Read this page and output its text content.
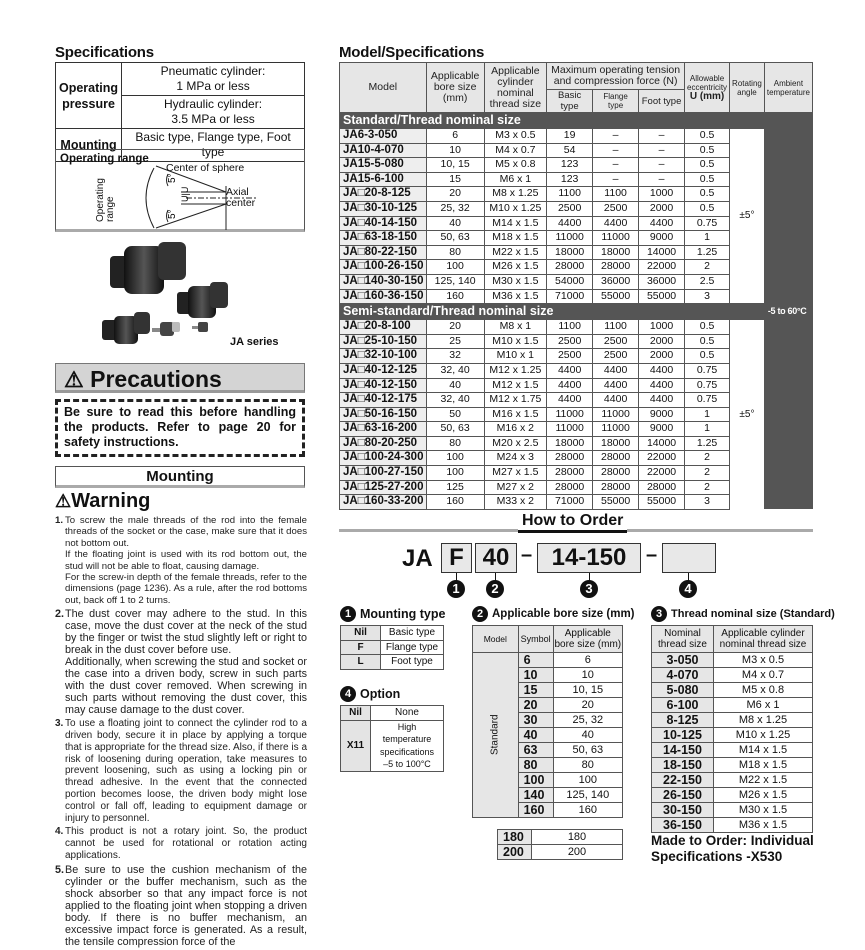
Specifications
Operating pressure	Pneumatic cylinder:
1 MPa or less
	Hydraulic cylinder:
3.5 MPa or less
Mounting	Basic type, Flange type, Foot type
Operating range
5°
5°
U|U
Center of sphere
Axial
center
Operating
range
JA series
⚠ Precautions
Be sure to read this before handling the products. Refer to page 20 for safety instructions.
Mounting
⚠Warning
1. To screw the male threads of the rod into the female threads of the socket or the case, make sure that it does not bottom out.

If the floating joint is used with its rod bottom out, the stud will not be able to float, causing damage.

For the screw-in depth of the female threads, refer to the dimensions (page 1236). As a rule, after the rod bottoms out, back off 1 to 2 turns.

2. The dust cover may adhere to the stud. In this case, move the dust cover at the neck of the stud by the finger or twist the stud slightly left or right to break in the dust cover before use.

Additionally, when screwing the stud and socket or the case into a driven body, screw in such parts with the dust cover removed. When screwing in such parts without removing the dust cover, this may cause damage to the dust cover.

3. To use a floating joint to connect the cylinder rod to a driven body, secure it in place by applying a torque that is appropriate for the thread size. Also, if there is a risk of loosening during operation, take measures to prevent loosening, such as using a locking pin or thread adhesive. In the event that the connected portion becomes loose, the driven body might lose control or fall off, leading to equipment damage or injury to personnel.

4. This product is not a rotary joint. So, the product cannot be used for rotational or rotation acting applications.

5. Be sure to use the cushion mechanism of the cylinder or the buffer mechanism, such as the shock absorber so that any impact force is not applied to the floating joint when stopping a driven body. If there is no buffer mechanism, an excessive impact force is generated. As a result, the tensile compression force of the

Model/Specifications
Model	Applicable bore size (mm)	Applicable cylinder nominal thread size	Maximum operating tension and compression force (N)			Allowable eccentricity
U (mm)	Rotating angle	Ambient temperature
			Basic type	Flange type	Foot type			
Standard/Thread nominal size								-5 to 60°C
JA6-3-050	6	M3 x 0.5	19	–	–	0.5	±5°	
JA10-4-070	10	M4 x 0.7	54	–	–	0.5		
JA15-5-080	10, 15	M5 x 0.8	123	–	–	0.5		
JA15-6-100	15	M6 x 1	123	–	–	0.5		
JA□20-8-125	20	M8 x 1.25	1100	1100	1000	0.5		
JA□30-10-125	25, 32	M10 x 1.25	2500	2500	2000	0.5		
JA□40-14-150	40	M14 x 1.5	4400	4400	4400	0.75		
JA□63-18-150	50, 63	M18 x 1.5	11000	11000	9000	1		
JA□80-22-150	80	M22 x 1.5	18000	18000	14000	1.25		
JA□100-26-150	100	M26 x 1.5	28000	28000	22000	2		
JA□140-30-150	125, 140	M30 x 1.5	54000	36000	36000	2.5		
JA□160-36-150	160	M36 x 1.5	71000	55000	55000	3		
Semi-standard/Thread nominal size								
JA□20-8-100	20	M8 x 1	1100	1100	1000	0.5	±5°	
JA□25-10-150	25	M10 x 1.5	2500	2500	2000	0.5		
JA□32-10-100	32	M10 x 1	2500	2500	2000	0.5		
JA□40-12-125	32, 40	M12 x 1.25	4400	4400	4400	0.75		
JA□40-12-150	40	M12 x 1.5	4400	4400	4400	0.75		
JA□40-12-175	32, 40	M12 x 1.75	4400	4400	4400	0.75		
JA□50-16-150	50	M16 x 1.5	11000	11000	9000	1		
JA□63-16-200	50, 63	M16 x 2	11000	11000	9000	1		
JA□80-20-250	80	M20 x 2.5	18000	18000	14000	1.25		
JA□100-24-300	100	M24 x 3	28000	28000	22000	2		
JA□100-27-150	100	M27 x 1.5	28000	28000	22000	2		
JA□125-27-200	125	M27 x 2	28000	28000	28000	2		
JA□160-33-200	160	M33 x 2	71000	55000	55000	3		
How to Order
JA F 40 – 14-150 –
1	2	3	4
1 Mounting type
Nil	Basic type
F	Flange type
L	Foot type
4 Option
Nil	None
X11	High temperature
specifications
–5 to 100°C
2 Applicable bore size (mm)
Model	Symbol	Applicable
bore size (mm)

Standard	6	6
	10	10
	15	10, 15
	20	20
	30	25, 32
	40	40
	63	50, 63
	80	80
	100	100
	140	125, 140
	160	160
180	180
200	200
3 Thread nominal size (Standard)
Nominal
thread size	Applicable cylinder
nominal thread size
3-050	M3 x 0.5
4-070	M4 x 0.7
5-080	M5 x 0.8
6-100	M6 x 1
8-125	M8 x 1.25
10-125	M10 x 1.25
14-150	M14 x 1.5
18-150	M18 x 1.5
22-150	M22 x 1.5
26-150	M26 x 1.5
30-150	M30 x 1.5
36-150	M36 x 1.5
Made to Order: Individual
Specifications -X530
